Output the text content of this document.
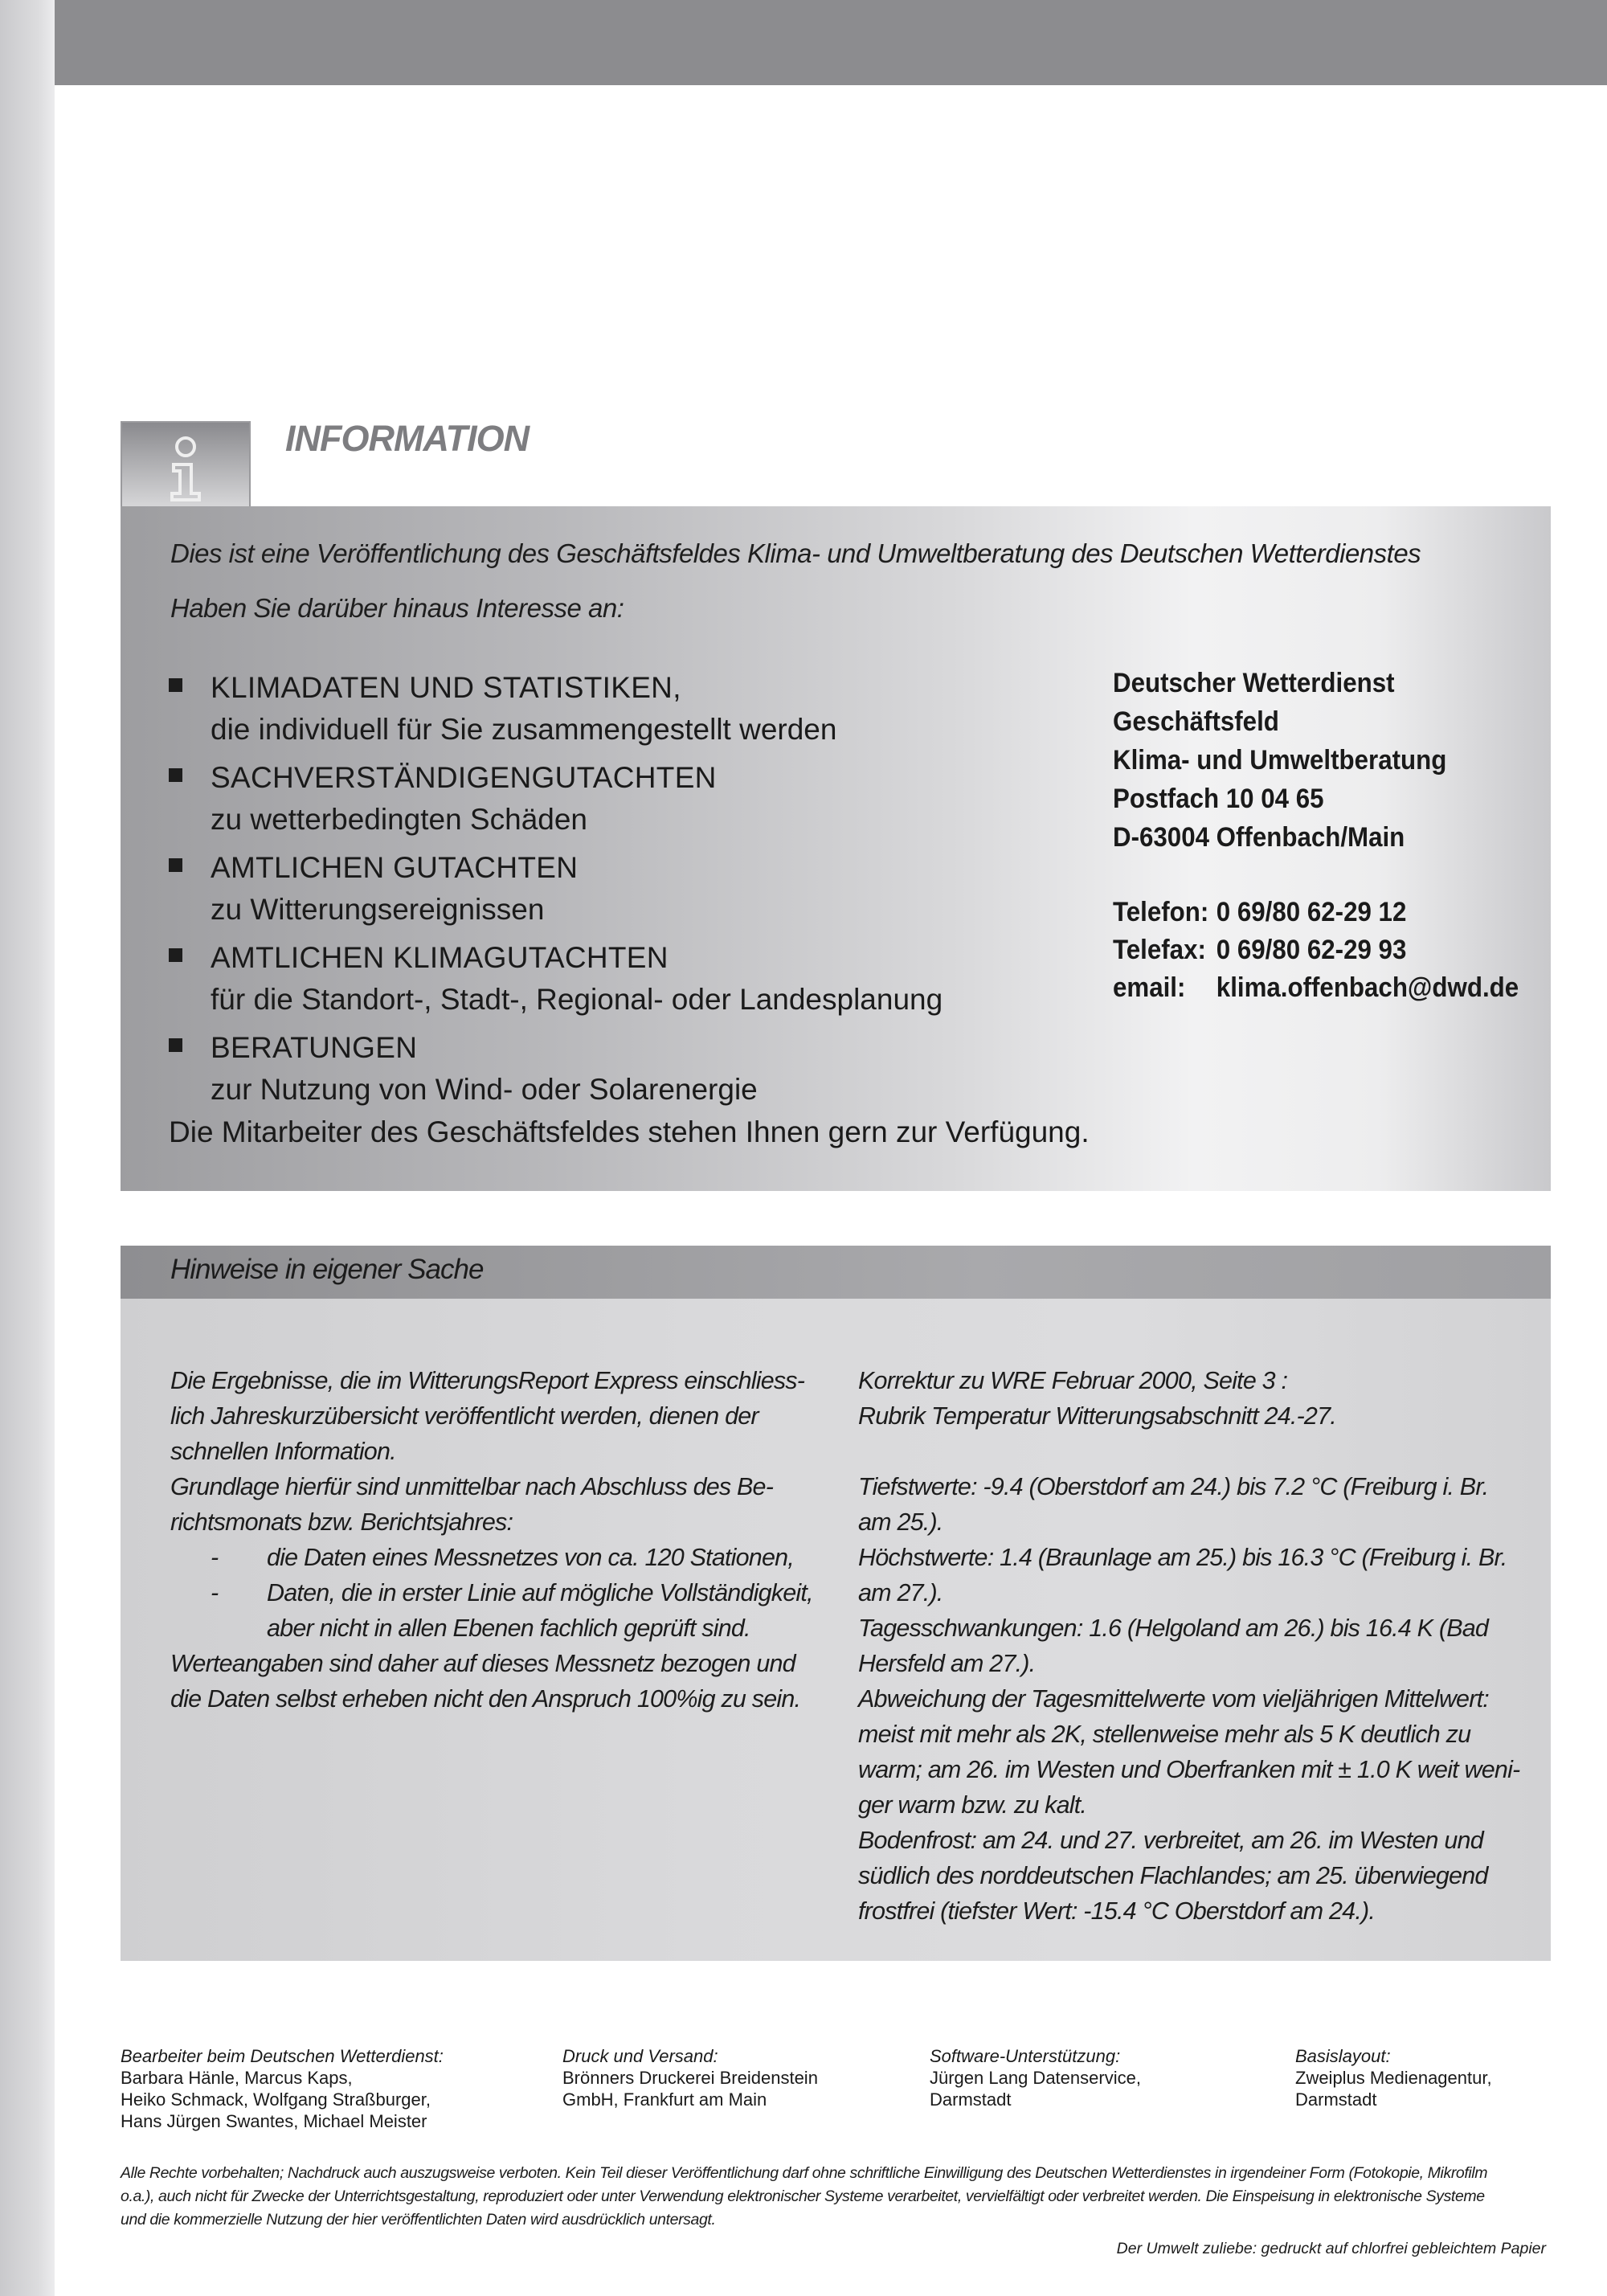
INFORMATION
Dies ist eine Veröffentlichung des Geschäftsfeldes Klima- und Umweltberatung des Deutschen Wetterdienstes
Haben Sie darüber hinaus Interesse an:
KLIMADATEN UND STATISTIKEN,
die individuell für Sie zusammengestellt werden
SACHVERSTÄNDIGENGUTACHTEN
zu wetterbedingten Schäden
AMTLICHEN GUTACHTEN
zu Witterungsereignissen
AMTLICHEN KLIMAGUTACHTEN
für die Standort-, Stadt-, Regional- oder Landesplanung
BERATUNGEN
zur Nutzung von Wind- oder Solarenergie
Die Mitarbeiter des Geschäftsfeldes stehen Ihnen gern zur Verfügung.
Deutscher Wetterdienst
Geschäftsfeld
Klima- und Umweltberatung
Postfach 10 04 65
D-63004 Offenbach/Main
Telefon: 0 69/80 62-29 12
Telefax: 0 69/80 62-29 93
email:	klima.offenbach@dwd.de
Hinweise in eigener Sache
Die Ergebnisse, die im WitterungsReport Express einschliess-
lich Jahreskurzübersicht veröffentlicht werden, dienen der
schnellen Information.
Grundlage hierfür sind unmittelbar nach Abschluss des Be-
richtsmonats bzw. Berichtsjahres:
- die Daten eines Messnetzes von ca. 120 Stationen,
- Daten, die in erster Linie auf mögliche Vollständigkeit,
aber nicht in allen Ebenen fachlich geprüft sind.
Werteangaben sind daher auf dieses Messnetz bezogen und
die Daten selbst erheben nicht den Anspruch 100%ig zu sein.
Korrektur zu WRE Februar 2000, Seite 3 :
Rubrik Temperatur Witterungsabschnitt 24.-27.
Tiefstwerte: -9.4 (Oberstdorf am 24.) bis 7.2 °C (Freiburg i. Br.
am 25.).
Höchstwerte: 1.4 (Braunlage am 25.) bis 16.3 °C (Freiburg i. Br.
am 27.).
Tagesschwankungen: 1.6 (Helgoland am 26.) bis 16.4 K (Bad
Hersfeld am 27.).
Abweichung der Tagesmittelwerte vom vieljährigen Mittelwert:
meist mit mehr als 2K, stellenweise mehr als 5 K deutlich zu
warm; am 26. im Westen und Oberfranken mit ± 1.0 K weit weni-
ger warm bzw. zu kalt.
Bodenfrost: am 24. und 27. verbreitet, am 26. im Westen und
südlich des norddeutschen Flachlandes; am 25. überwiegend
frostfrei (tiefster Wert: -15.4 °C Oberstdorf am 24.).
Bearbeiter beim Deutschen Wetterdienst:
Barbara Hänle, Marcus Kaps,
Heiko Schmack, Wolfgang Straßburger,
Hans Jürgen Swantes, Michael Meister
Druck und Versand:
Brönners Druckerei Breidenstein
GmbH, Frankfurt am Main
Software-Unterstützung:
Jürgen Lang Datenservice,
Darmstadt
Basislayout:
Zweiplus Medienagentur,
Darmstadt
Alle Rechte vorbehalten; Nachdruck auch auszugsweise verboten. Kein Teil dieser Veröffentlichung darf ohne schriftliche Einwilligung des Deutschen Wetterdienstes in irgendeiner Form (Fotokopie, Mikrofilm
o.a.), auch nicht für Zwecke der Unterrichtsgestaltung, reproduziert oder unter Verwendung elektronischer Systeme verarbeitet, vervielfältigt oder verbreitet werden. Die Einspeisung in elektronische Systeme
und die kommerzielle Nutzung der hier veröffentlichten Daten wird ausdrücklich untersagt.
Der Umwelt zuliebe: gedruckt auf chlorfrei gebleichtem Papier
